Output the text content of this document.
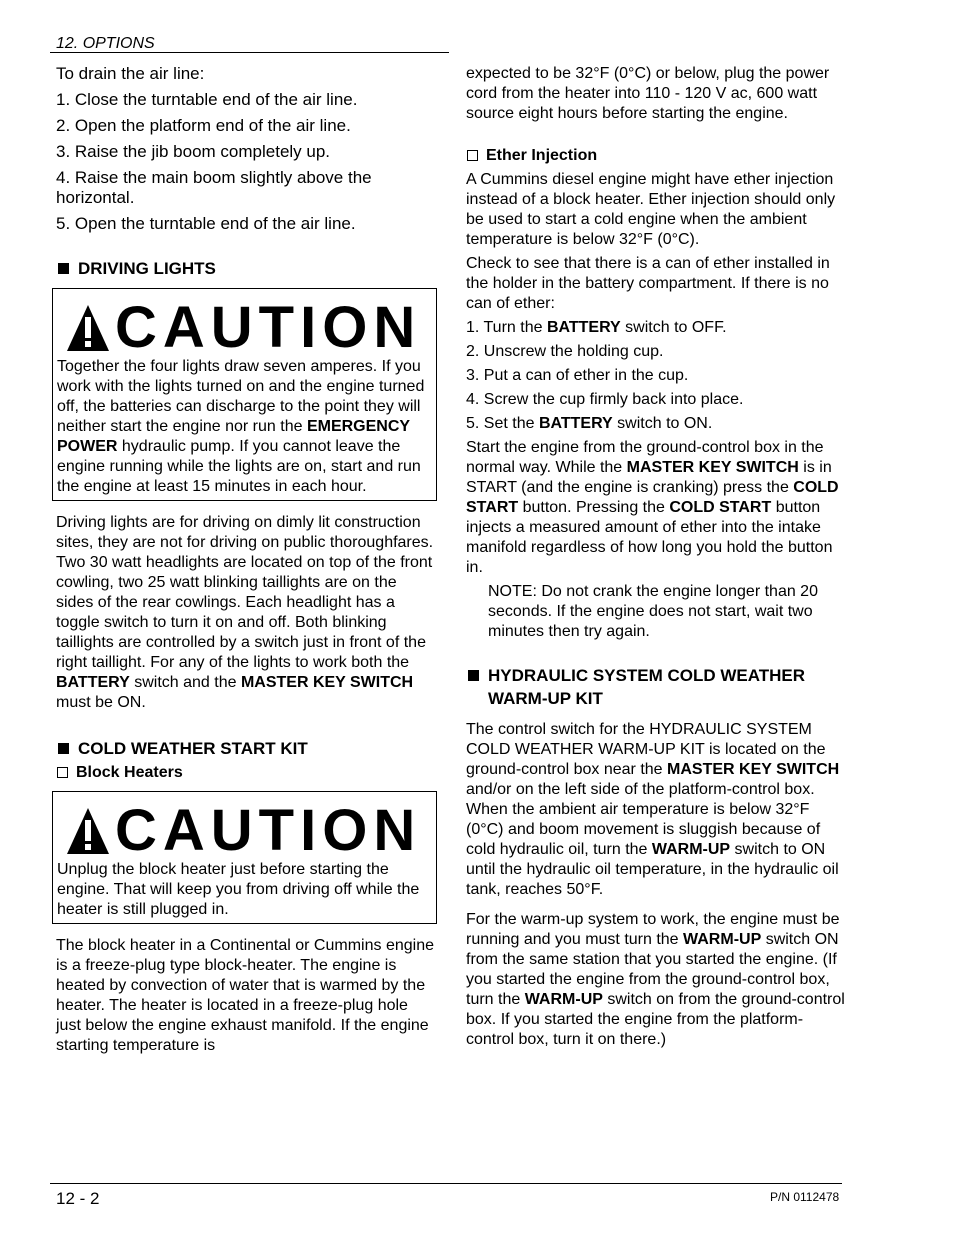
12. OPTIONS

To drain the air line:

1. Close the turntable end of the air line.

2. Open the platform end of the air line.

3. Raise the jib boom completely up.

4. Raise the main boom slightly above the horizontal.

5. Open the turntable end of the air line.

DRIVING LIGHTS
CAUTION

Together the four lights draw seven amperes. If you work with the lights turned on and the engine turned off, the batteries can discharge to the point they will neither start the engine nor run the EMERGENCY POWER hydraulic pump. If you cannot leave the engine running while the lights are on, start and run the engine at least 15 minutes in each hour.

Driving lights are for driving on dimly lit construction sites, they are not for driving on public thoroughfares. Two 30 watt headlights are located on top of the front cowling, two 25 watt blinking taillights are on the sides of the rear cowlings. Each headlight has a toggle switch to turn it on and off. Both blinking taillights are controlled by a switch just in front of the right taillight. For any of the lights to work both the BATTERY switch and the MASTER KEY SWITCH must be ON.

COLD WEATHER START KIT
Block Heaters
CAUTION

Unplug the block heater just before starting the engine. That will keep you from driving off while the heater is still plugged in.

The block heater in a Continental or Cummins engine is a freeze-plug type block-heater. The engine is heated by convection of water that is warmed by the heater. The heater is located in a freeze-plug hole just below the engine exhaust manifold. If the engine starting temperature is

expected to be 32°F (0°C) or below, plug the power cord from the heater into 110 - 120 V ac, 600 watt source eight hours before starting the engine.

Ether Injection

A Cummins diesel engine might have ether injection instead of a block heater. Ether injection should only be used to start a cold engine when the ambient temperature is below 32°F (0°C).

Check to see that there is a can of ether installed in the holder in the battery compartment. If there is no can of ether:

1. Turn the BATTERY switch to OFF.

2. Unscrew the holding cup.

3. Put a can of ether in the cup.

4. Screw the cup firmly back into place.

5. Set the BATTERY switch to ON.

Start the engine from the ground-control box in the normal way. While the MASTER KEY SWITCH is in START (and the engine is cranking) press the COLD START button. Pressing the COLD START button injects a measured amount of ether into the intake manifold regardless of how long you hold the button in.

NOTE: Do not crank the engine longer than 20 seconds. If the engine does not start, wait two minutes then try again.

HYDRAULIC SYSTEM COLD WEATHER WARM-UP KIT

The control switch for the HYDRAULIC SYSTEM COLD WEATHER WARM-UP KIT is located on the ground-control box near the MASTER KEY SWITCH and/or on the left side of the platform-control box. When the ambient air temperature is below 32°F (0°C) and boom movement is sluggish because of cold hydraulic oil, turn the WARM-UP switch to ON until the hydraulic oil temperature, in the hydraulic oil tank, reaches 50°F.

For the warm-up system to work, the engine must be running and you must turn the WARM-UP switch ON from the same station that you started the engine. (If you started the engine from the ground-control box, turn the WARM-UP switch on from the ground-control box. If you started the engine from the platform-control box, turn it on there.)

12 - 2	P/N 0112478
